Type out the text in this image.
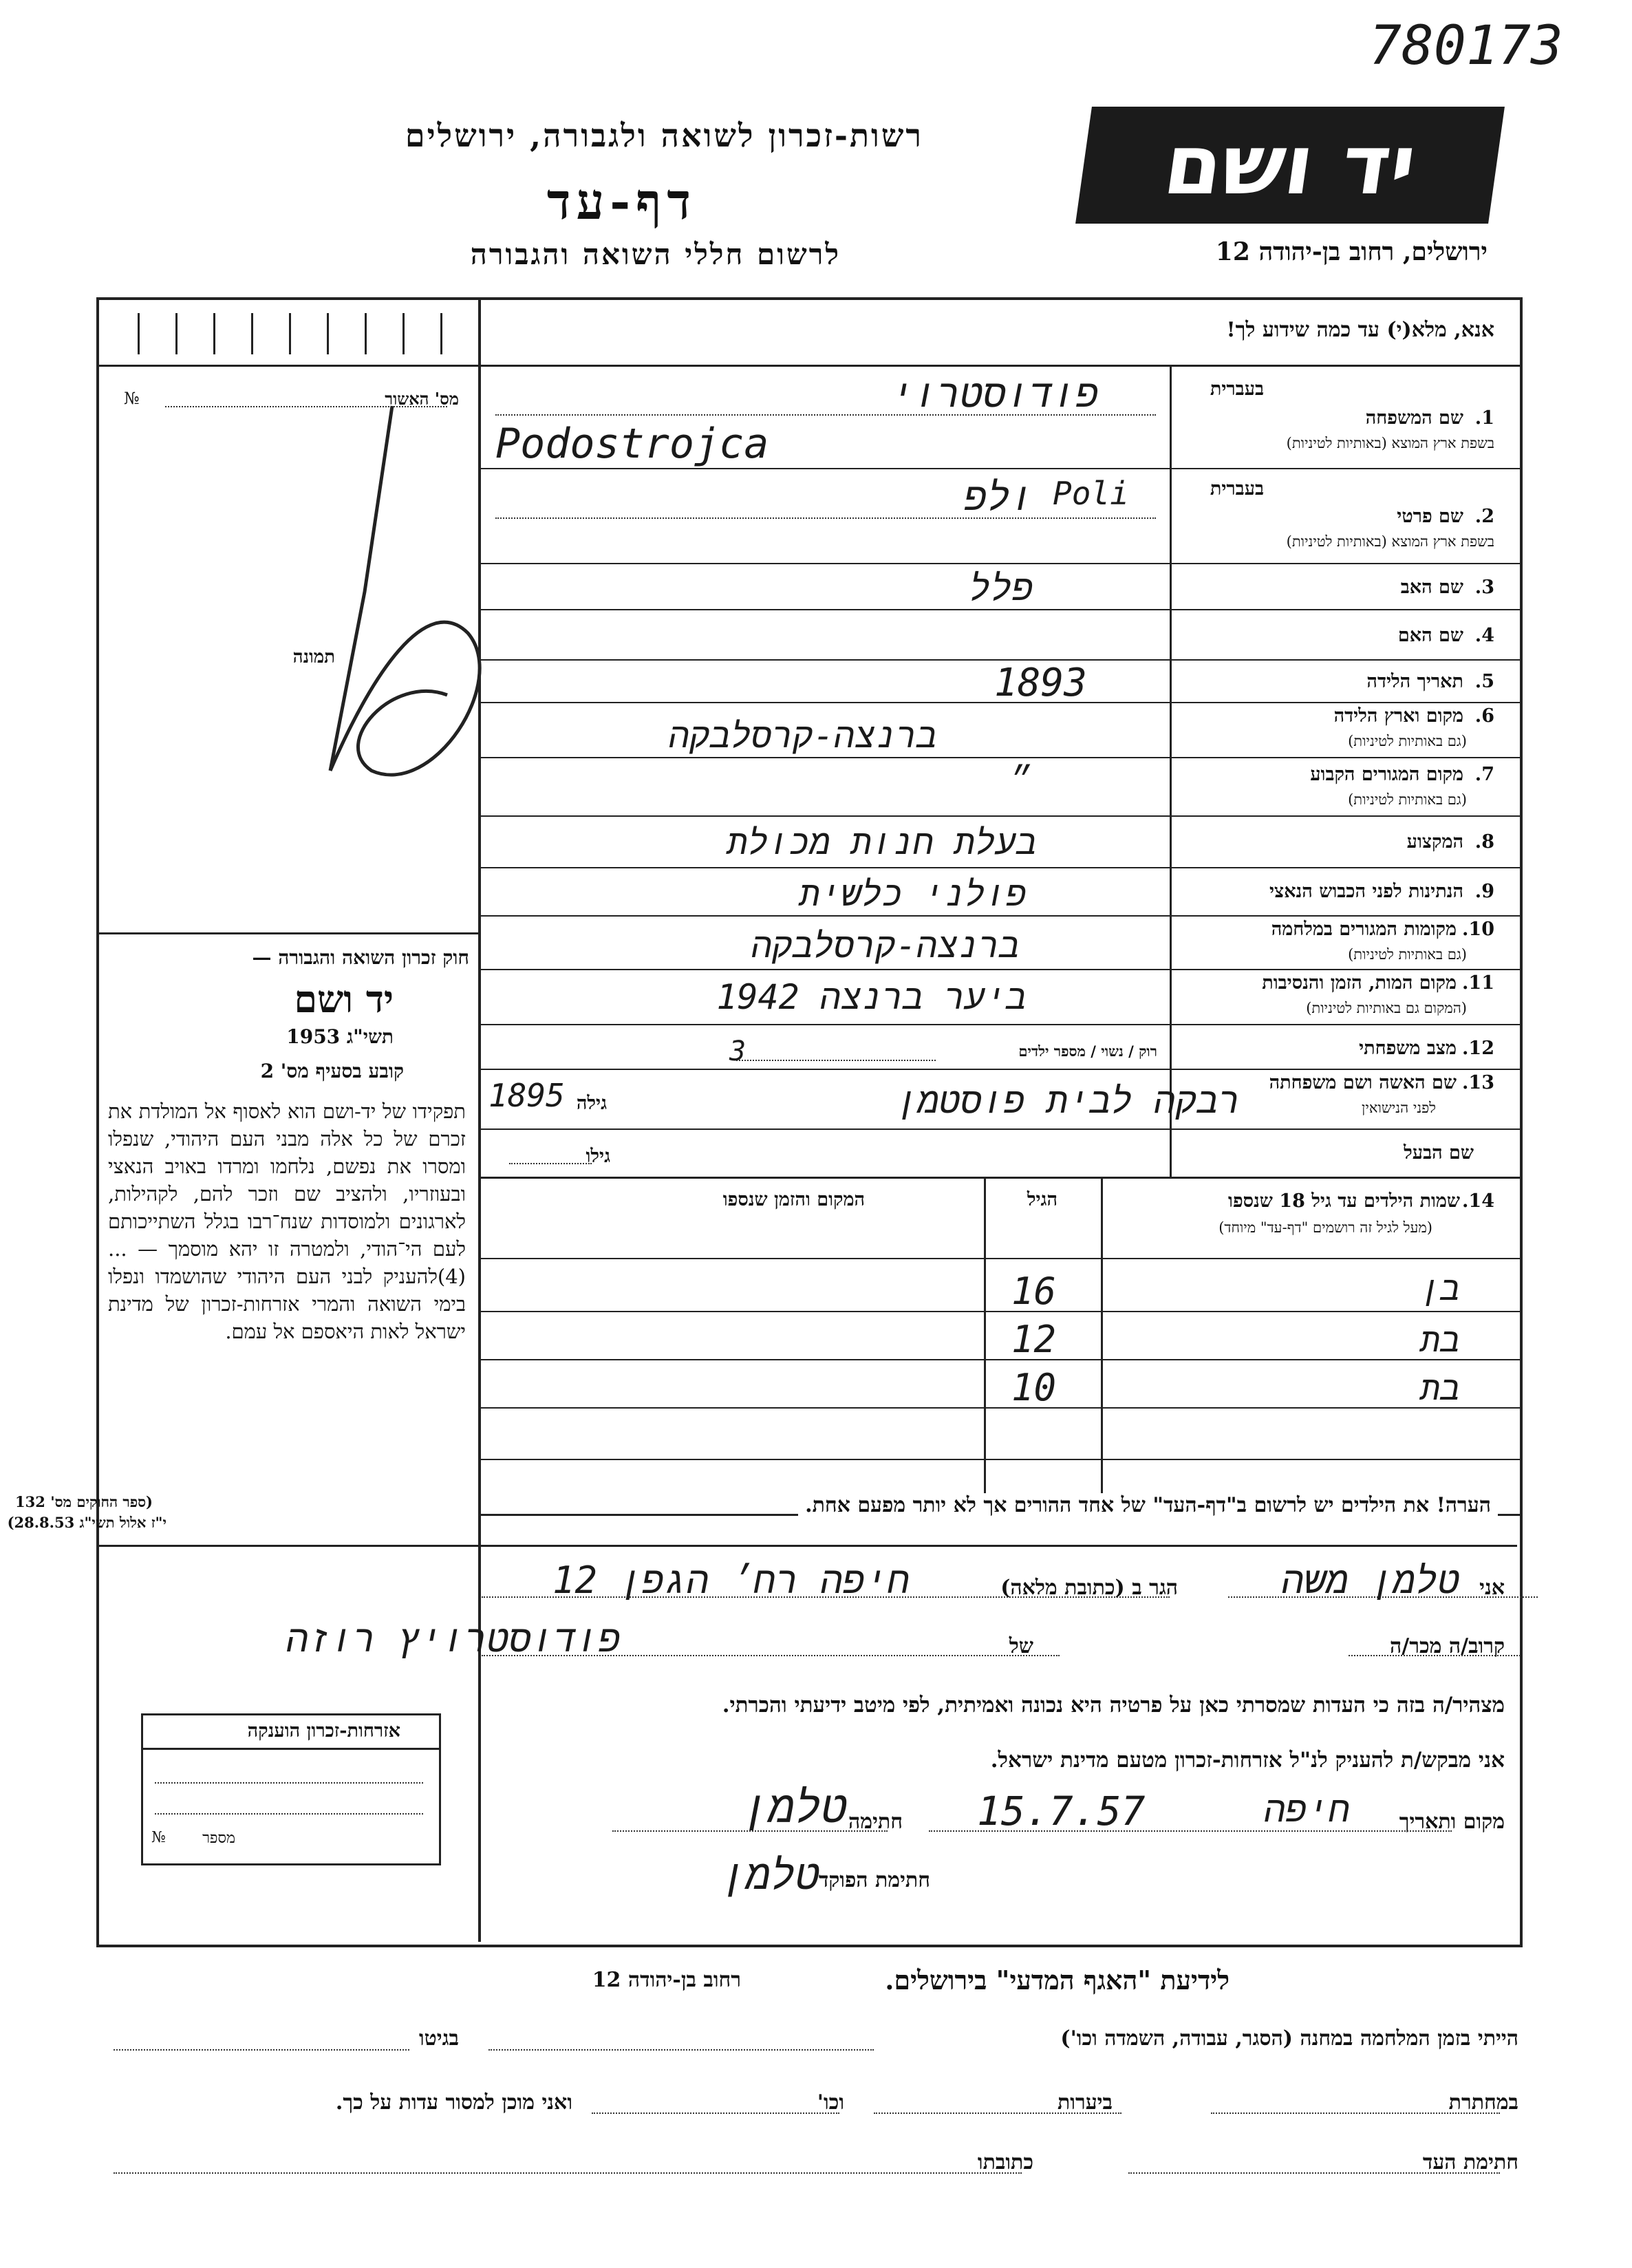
780173
יד ושם
רשות-זכרון לשואה ולגבורה, ירושלים
דף-עד
לרשום חללי השואה והגבורה	ירושלים, רחוב בן-יהודה 12
אנא, מלא(י) עד כמה שידוע לך!
מס' האשור
№
תמונה
חוק זכרון השואה והגבורה —
יד ושם
תשי"ג 1953
קובע בסעיף מס' 2
תפקידו של יד-ושם הוא לאסוף אל המולדת את זכרם של כל אלה מבני העם היהודי, שנפלו ומסרו את נפשם, נלחמו ומרדו באויב הנאצי ובעוזריו, ולהציב שם וזכר להם, לקהילות, לארגונים ולמוסדות שנח־רבו בגלל השתייכותם לעם הי־הודי, ולמטרה זו יהא מוסמך — ...(4)להעניק לבני העם היהודי שהושמדו ונפלו בימי השואה והמרי אזרחות-זכרון של מדינת ישראל לאות היאספם אל עמם.
(ספר החוקים מס' 132
י"ז אלול תשי"ג 28.8.53)
אזרחות-זכרון הוענקה
מספר
№
בעברית
1.
שם המשפחה
בשפת ארץ המוצא (באותיות לטיניות)
פודוסטרוי
Podostrojca
בעברית
2.
שם פרטי
בשפת ארץ המוצא (באותיות לטיניות)
ולפ Poli
3.
שם האב
פלל
4.
שם האם
5.
תאריך הלידה
1893
6.
מקום וארץ הלידה
(גם באותיות לטיניות)
ברנצה-קרסלבקה
7.
מקום המגורים הקבוע
(גם באותיות לטיניות)
״
8.
המקצוע
בעלת חנות מכולת
9.
הנתינות לפני הכבוש הנאצי
פולני כלשית
10.
מקומות המגורים במלחמה
(גם באותיות לטיניות)
ברנצה-קרסלבקה
11.
מקום המות, הזמן והנסיבות
(המקום גם באותיות לטיניות)
ביער ברנצה 1942
12.
מצב משפחתי
רוק / נשוי / מספר ילדים
3
13.
שם האשה ושם משפחתה
לפני הנישואין
רבקה לבית פוסטמן
גילה
1895
שם הבעל
גילו
14.
שמות הילדים עד גיל 18 שנספו
(מעל לגיל זה רושמים "דף-עד" מיוחד)
הגיל
המקום והזמן שנספו
בן
16
בת
12
בת
10
הערה! את הילדים יש לרשום ב"דף-העד" של אחד ההורים אך לא יותר מפעם אחת.
אני
טלמן משה
הגר ב (כתובת מלאה)
חיפה רח׳ הגפן 12
קרוב/ה מכר/ה
של
פודוסטרויץ רוזה
מצהיר/ה בזה כי העדות שמסרתי כאן על פרטיה היא נכונה ואמיתית, לפי מיטב ידיעתי והכרתי.
אני מבקש/ת להעניק לנ"ל אזרחות-זכרון מטעם מדינת ישראל.
מקום ותאריך
חיפה
15.7.57
חתימה
טלמן
חתימת הפוקד
טלמן
לידיעת "האגף המדעי" בירושלים.
רחוב בן-יהודה 12
הייתי בזמן המלחמה במחנה (הסגר, עבודה, השמדה וכו')
בגיטו
במחתרת
ביערות
וכו'
ואני מוכן למסור עדות על כך.
חתימת העד
כתובתו
